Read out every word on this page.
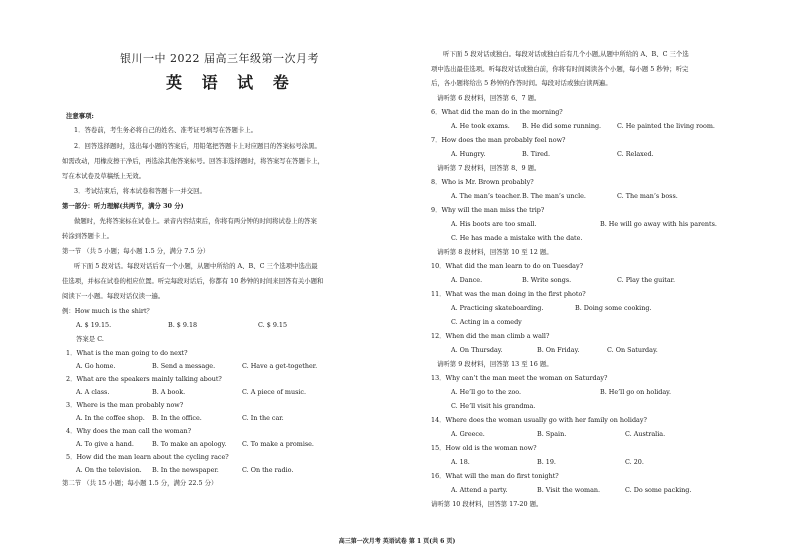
银川一中 2022 届高三年级第一次月考
英 语 试 卷
注意事项:
1．答卷前，考生务必将自己的姓名、准考证号填写在答题卡上。
2．回答选择题时，选出每小题的答案后，用铅笔把答题卡上对应题目的答案标号涂黑。
如需改动，用橡皮擦干净后，再选涂其他答案标号。回答非选择题时，将答案写在答题卡上，
写在本试卷及草稿纸上无效。
3．考试结束后，将本试卷和答题卡一并交回。
第一部分：听力理解(共两节，满分 30 分)
做题时，先将答案标在试卷上。录音内容结束后，你将有两分钟的时间将试卷上的答案
转涂到答题卡上。
第一节 （共 5 小题；每小题 1.5 分，满分 7.5 分）
听下面 5 段对话。每段对话后有一个小题，从题中所给的 A、B、C 三个选项中选出最
佳选项，并标在试卷的相应位置。听完每段对话后，你都有 10 秒钟的时间来回答有关小题和
阅读下一小题。每段对话仅读一遍。
例：How much is the shirt？
A. $ 19.15.	B. $ 9.18	C. $ 9.15
答案是 C.
1．What is the man going to do next?
A. Go home.	B. Send a message.	C. Have a get-together.
2．What are the speakers mainly talking about?
A. A class.	B. A book.	C. A piece of music.
3．Where is the man probably now?
A. In the coffee shop. B. In the office.	C. In the car.
4．Why does the man call the woman?
A. To give a hand.	B. To make an apology. C. To make a promise.
5．How did the man learn about the cycling race?
A. On the television. B. In the newspaper.	C. On the radio.
第二节 （共 15 小题；每小题 1.5 分，满分 22.5 分）
听下面 5 段对话或独白。每段对话或独白后有几个小题,从题中所给的 A、B、C 三个选
项中选出最佳选项。听每段对话或独白前，你将有时间阅读各个小题，每小题 5 秒钟；听完
后，各小题将给出 5 秒钟的作答时间。每段对话或独白读两遍。
请听第 6 段材料，回答第 6、7 题。
6．What did the man do in the morning?
A. He took exams. B. He did some running. C. He painted the living room.
7．How does the man probably feel now?
A. Hungry.	B. Tired.	C. Relaxed.
请听第 7 段材料，回答第 8、9 题。
8．Who is Mr. Brown probably?
A. The man’s teacher. B. The man’s uncle.	C. The man’s boss.
9．Why will the man miss the trip?
A. His boots are too small.	B. He will go away with his parents.
C. He has made a mistake with the date.
请听第 8 段材料，回答第 10 至 12 题。
10．What did the man learn to do on Tuesday?
A. Dance.	B. Write songs.	C. Play the guitar.
11．What was the man doing in the first photo?
A. Practicing skateboarding.	B. Doing some cooking.
C. Acting in a comedy
12．When did the man climb a wall?
A. On Thursday.	B. On Friday.	C. On Saturday.
请听第 9 段材料，回答第 13 至 16 题。
13．Why can’t the man meet the woman on Saturday?
A. He’ll go to the zoo.	B. He’ll go on holiday.
C. He’ll visit his grandma.
14．Where does the woman usually go with her family on holiday?
A. Greece.	B. Spain.	C. Australia.
15．How old is the woman now?
A. 18.	B. 19.	C. 20.
16．What will the man do first tonight?
A. Attend a party.	B. Visit the woman.	C. Do some packing.
请听第 10 段材料，回答第 17-20 题。
高三第一次月考 英语试卷 第 1 页(共 6 页)
